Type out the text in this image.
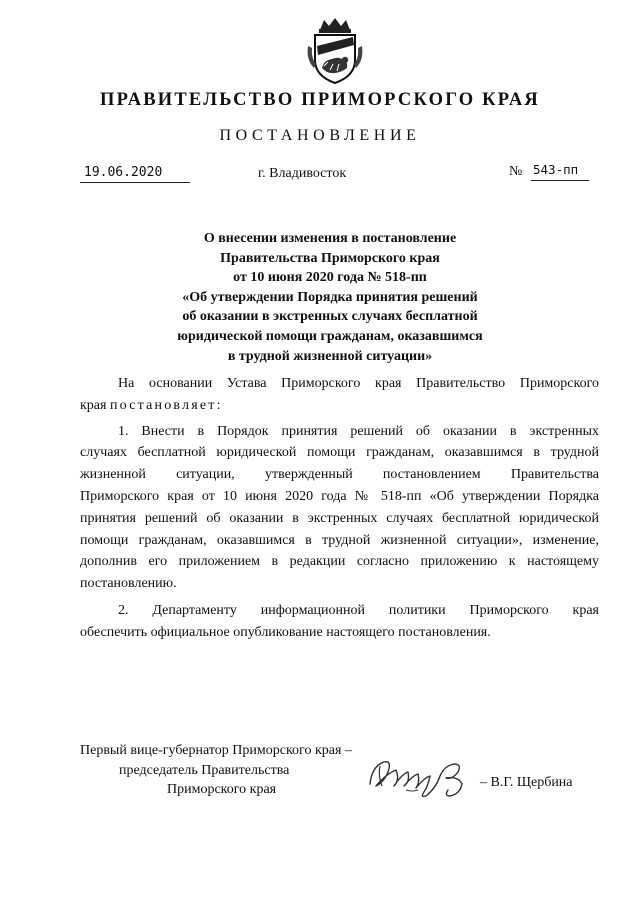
ПРАВИТЕЛЬСТВО ПРИМОРСКОГО КРАЯ
ПОСТАНОВЛЕНИЕ
19.06.2020	г. Владивосток	№ 543-пп
О внесении изменения в постановление
Правительства Приморского края
от 10 июня 2020 года № 518-пп
«Об утверждении Порядка принятия решений
об оказании в экстренных случаях бесплатной
юридической помощи гражданам, оказавшимся
в трудной жизненной ситуации»
На основании Устава Приморского края Правительство Приморского
края постановляет:
1. Внести в Порядок принятия решений об оказании в экстренных
случаях бесплатной юридической помощи гражданам, оказавшимся в трудной
жизненной ситуации, утвержденный постановлением Правительства
Приморского края от 10 июня 2020 года № 518-пп «Об утверждении Порядка
принятия решений об оказании в экстренных случаях бесплатной юридической
помощи гражданам, оказавшимся в трудной жизненной ситуации», изменение,
дополнив его приложением в редакции согласно приложению к настоящему
постановлению.
2. Департаменту информационной политики Приморского края
обеспечить официальное опубликование настоящего постановления.
Первый вице-губернатор Приморского края –
председатель Правительства
Приморского края	– В.Г. Щербина
